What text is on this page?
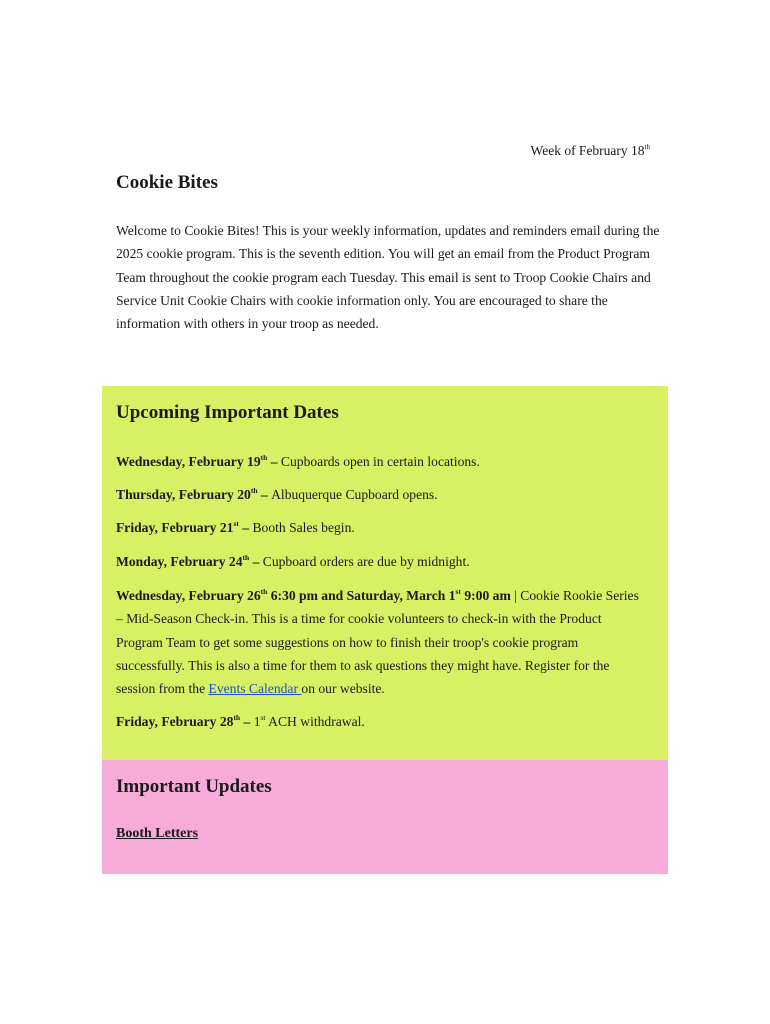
Week of February 18th
Cookie Bites

Welcome to Cookie Bites! This is your weekly information, updates and reminders email during the 2025 cookie program. This is the seventh edition. You will get an email from the Product Program Team throughout the cookie program each Tuesday. This email is sent to Troop Cookie Chairs and Service Unit Cookie Chairs with cookie information only. You are encouraged to share the information with others in your troop as needed.

Upcoming Important Dates

Wednesday, February 19th – Cupboards open in certain locations.

Thursday, February 20th – Albuquerque Cupboard opens.

Friday, February 21st – Booth Sales begin.

Monday, February 24th – Cupboard orders are due by midnight.

Wednesday, February 26th 6:30 pm and Saturday, March 1st 9:00 am | Cookie Rookie Series – Mid-Season Check-in. This is a time for cookie volunteers to check-in with the Product Program Team to get some suggestions on how to finish their troop's cookie program successfully. This is also a time for them to ask questions they might have. Register for the session from the Events Calendar on our website.

Friday, February 28th – 1st ACH withdrawal.

Important Updates
Booth Letters
